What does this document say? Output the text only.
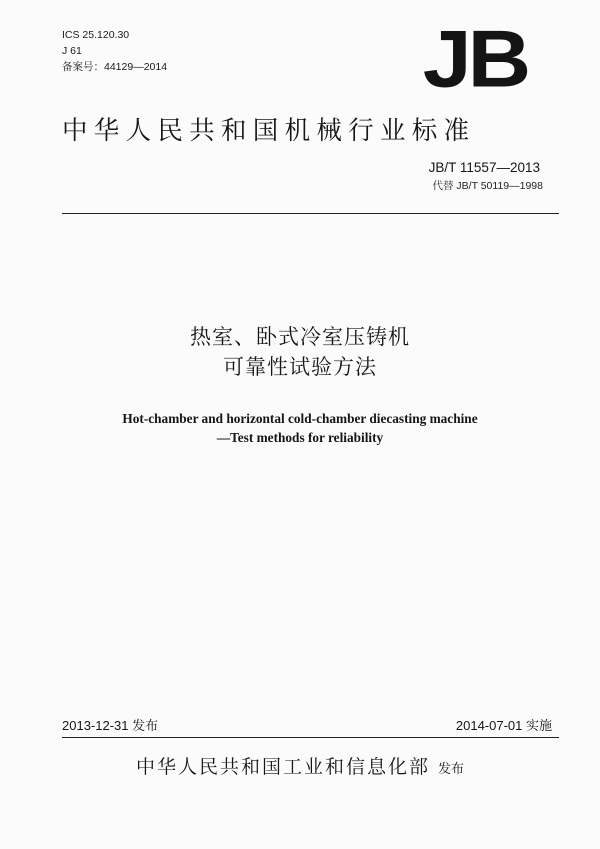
ICS 25.120.30
J 61
备案号：44129—2014	JB
中华人民共和国机械行业标准
JB/T 11557—2013
代替 JB/T 50119—1998
热室、卧式冷室压铸机
可靠性试验方法
Hot-chamber and horizontal cold-chamber diecasting machine
—Test methods for reliability
2013-12-31 发布	2014-07-01 实施
中华人民共和国工业和信息化部 发布
